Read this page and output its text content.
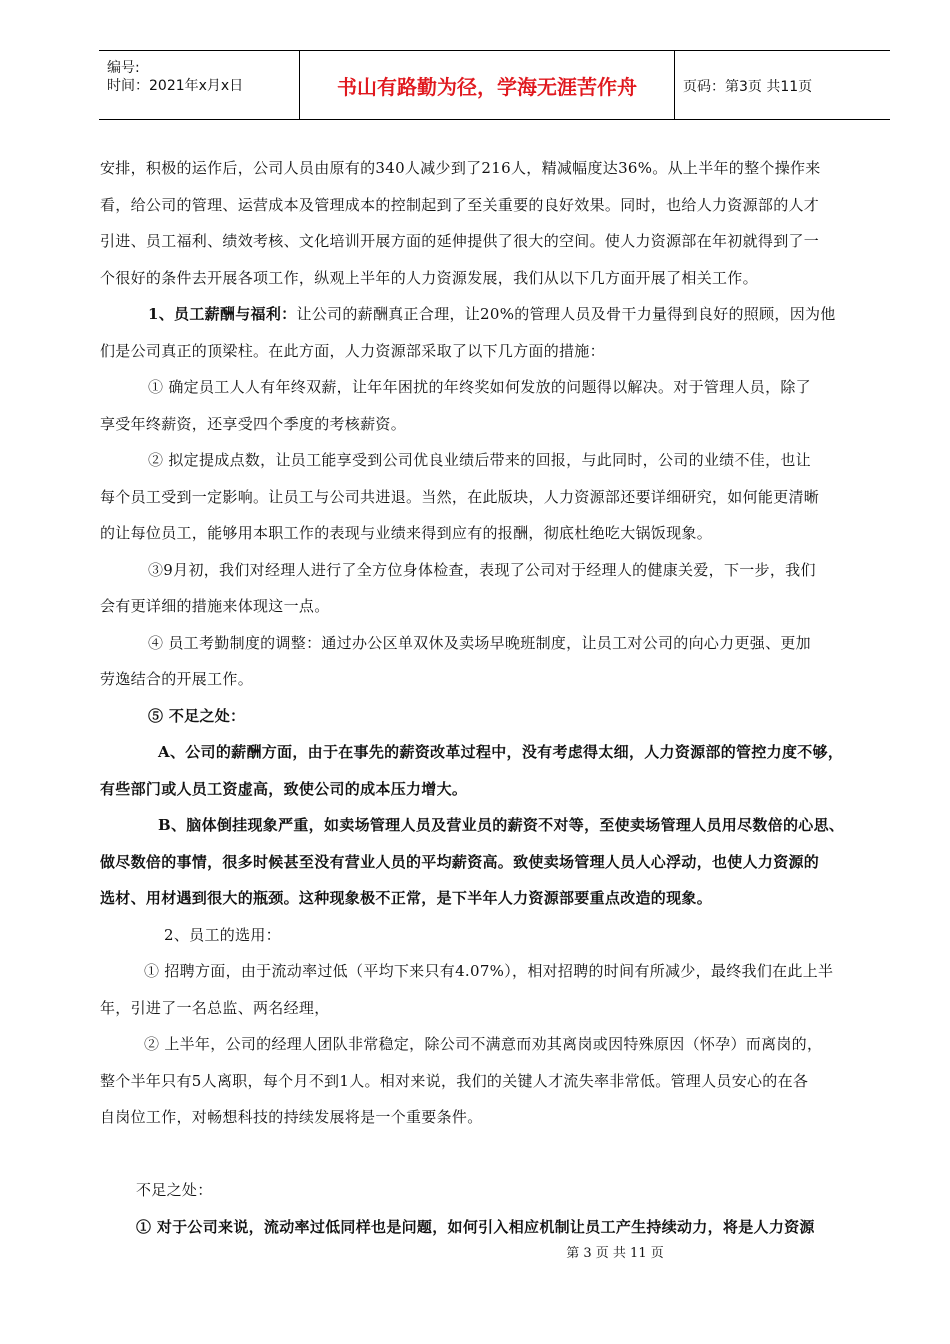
编号:
时间：2021年x月x日	书山有路勤为径，学海无涯苦作舟	页码：第3页 共11页

安排，积极的运作后，公司人员由原有的340人减少到了216人，精减幅度达36%。从上半年的整个操作来

看，给公司的管理、运营成本及管理成本的控制起到了至关重要的良好效果。同时，也给人力资源部的人才

引进、员工福利、绩效考核、文化培训开展方面的延伸提供了很大的空间。使人力资源部在年初就得到了一

个很好的条件去开展各项工作，纵观上半年的人力资源发展，我们从以下几方面开展了相关工作。

1、员工薪酬与福利：让公司的薪酬真正合理，让20%的管理人员及骨干力量得到良好的照顾，因为他

们是公司真正的顶梁柱。在此方面，人力资源部采取了以下几方面的措施：

① 确定员工人人有年终双薪，让年年困扰的年终奖如何发放的问题得以解决。对于管理人员，除了

享受年终薪资，还享受四个季度的考核薪资。

② 拟定提成点数，让员工能享受到公司优良业绩后带来的回报，与此同时，公司的业绩不佳，也让

每个员工受到一定影响。让员工与公司共进退。当然，在此版块，人力资源部还要详细研究，如何能更清晰

的让每位员工，能够用本职工作的表现与业绩来得到应有的报酬，彻底杜绝吃大锅饭现象。

③9月初，我们对经理人进行了全方位身体检查，表现了公司对于经理人的健康关爱，下一步，我们

会有更详细的措施来体现这一点。

④ 员工考勤制度的调整：通过办公区单双休及卖场早晚班制度，让员工对公司的向心力更强、更加

劳逸结合的开展工作。

⑤ 不足之处：

A、公司的薪酬方面，由于在事先的薪资改革过程中，没有考虑得太细，人力资源部的管控力度不够，

有些部门或人员工资虚高，致使公司的成本压力增大。

B、脑体倒挂现象严重，如卖场管理人员及营业员的薪资不对等，至使卖场管理人员用尽数倍的心思、

做尽数倍的事情，很多时候甚至没有营业人员的平均薪资高。致使卖场管理人员人心浮动，也使人力资源的

选材、用材遇到很大的瓶颈。这种现象极不正常，是下半年人力资源部要重点改造的现象。

2、员工的选用：

① 招聘方面，由于流动率过低（平均下来只有4.07%），相对招聘的时间有所减少，最终我们在此上半

年，引进了一名总监、两名经理，

② 上半年，公司的经理人团队非常稳定，除公司不满意而劝其离岗或因特殊原因（怀孕）而离岗的，

整个半年只有5人离职，每个月不到1人。相对来说，我们的关键人才流失率非常低。管理人员安心的在各

自岗位工作，对畅想科技的持续发展将是一个重要条件。

不足之处：

① 对于公司来说，流动率过低同样也是问题，如何引入相应机制让员工产生持续动力，将是人力资源

第 3 页 共 11 页
